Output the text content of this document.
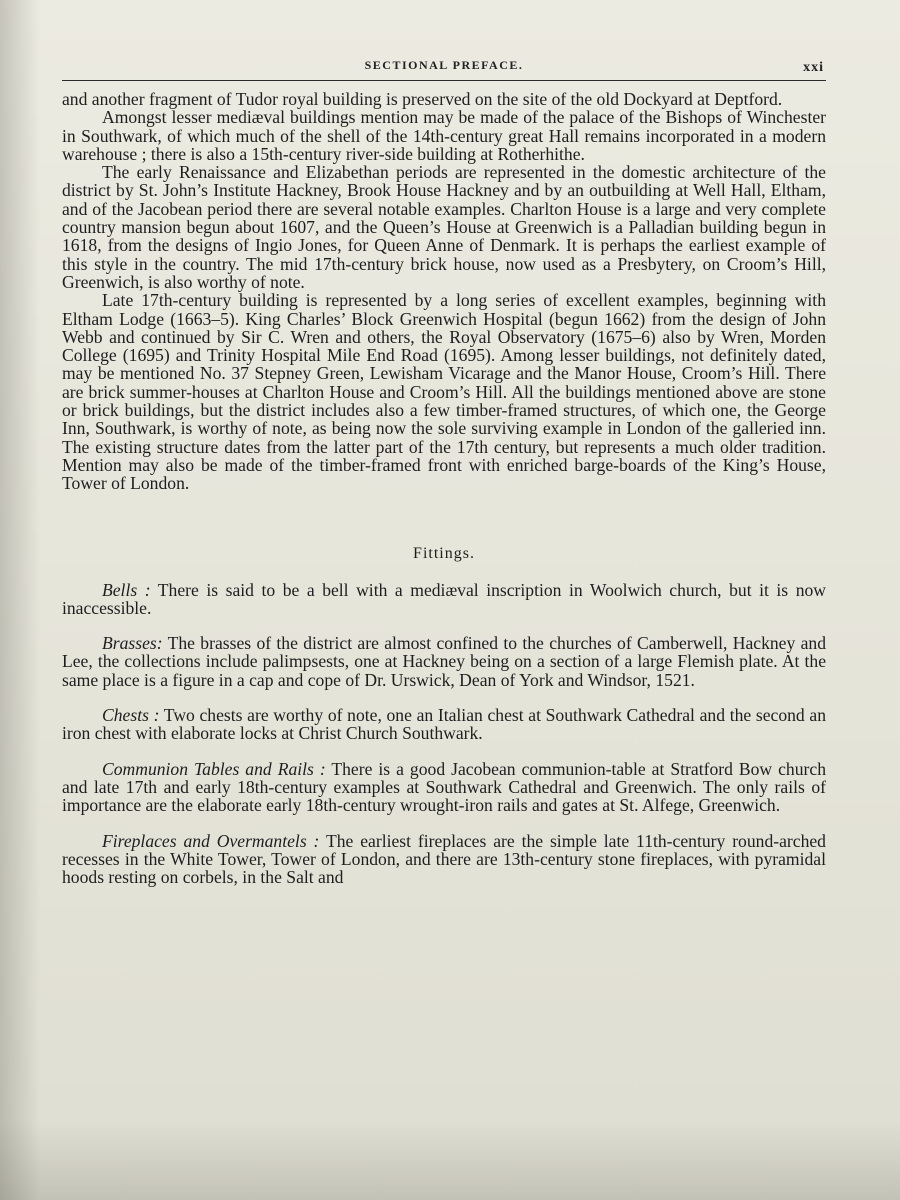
SECTIONAL PREFACE.	xxi

and another fragment of Tudor royal building is preserved on the site of the old Dockyard at Deptford.

Amongst lesser mediæval buildings mention may be made of the palace of the Bishops of Winchester in Southwark, of which much of the shell of the 14th-century great Hall remains incorporated in a modern warehouse ; there is also a 15th-century river-side building at Rotherhithe.

The early Renaissance and Elizabethan periods are represented in the domestic architecture of the district by St. John’s Institute Hackney, Brook House Hackney and by an outbuilding at Well Hall, Eltham, and of the Jacobean period there are several notable examples. Charlton House is a large and very complete country mansion begun about 1607, and the Queen’s House at Greenwich is a Palladian building begun in 1618, from the designs of Ingio Jones, for Queen Anne of Denmark. It is perhaps the earliest example of this style in the country. The mid 17th-century brick house, now used as a Presbytery, on Croom’s Hill, Greenwich, is also worthy of note.

Late 17th-century building is represented by a long series of excellent examples, beginning with Eltham Lodge (1663–5). King Charles’ Block Greenwich Hospital (begun 1662) from the design of John Webb and continued by Sir C. Wren and others, the Royal Observatory (1675–6) also by Wren, Morden College (1695) and Trinity Hospital Mile End Road (1695). Among lesser buildings, not definitely dated, may be mentioned No. 37 Stepney Green, Lewisham Vicarage and the Manor House, Croom’s Hill. There are brick summer-houses at Charlton House and Croom’s Hill. All the buildings mentioned above are stone or brick buildings, but the district includes also a few timber-framed structures, of which one, the George Inn, Southwark, is worthy of note, as being now the sole surviving example in London of the galleried inn. The existing structure dates from the latter part of the 17th century, but represents a much older tradition. Mention may also be made of the timber-framed front with enriched barge-boards of the King’s House, Tower of London.

Fittings.

Bells : There is said to be a bell with a mediæval inscription in Woolwich church, but it is now inaccessible.

Brasses: The brasses of the district are almost confined to the churches of Camberwell, Hackney and Lee, the collections include palimpsests, one at Hackney being on a section of a large Flemish plate. At the same place is a figure in a cap and cope of Dr. Urswick, Dean of York and Windsor, 1521.

Chests : Two chests are worthy of note, one an Italian chest at Southwark Cathedral and the second an iron chest with elaborate locks at Christ Church Southwark.

Communion Tables and Rails : There is a good Jacobean communion-table at Stratford Bow church and late 17th and early 18th-century examples at Southwark Cathedral and Greenwich. The only rails of importance are the elaborate early 18th-century wrought-iron rails and gates at St. Alfege, Greenwich.

Fireplaces and Overmantels : The earliest fireplaces are the simple late 11th-century round-arched recesses in the White Tower, Tower of London, and there are 13th-century stone fireplaces, with pyramidal hoods resting on corbels, in the Salt and
